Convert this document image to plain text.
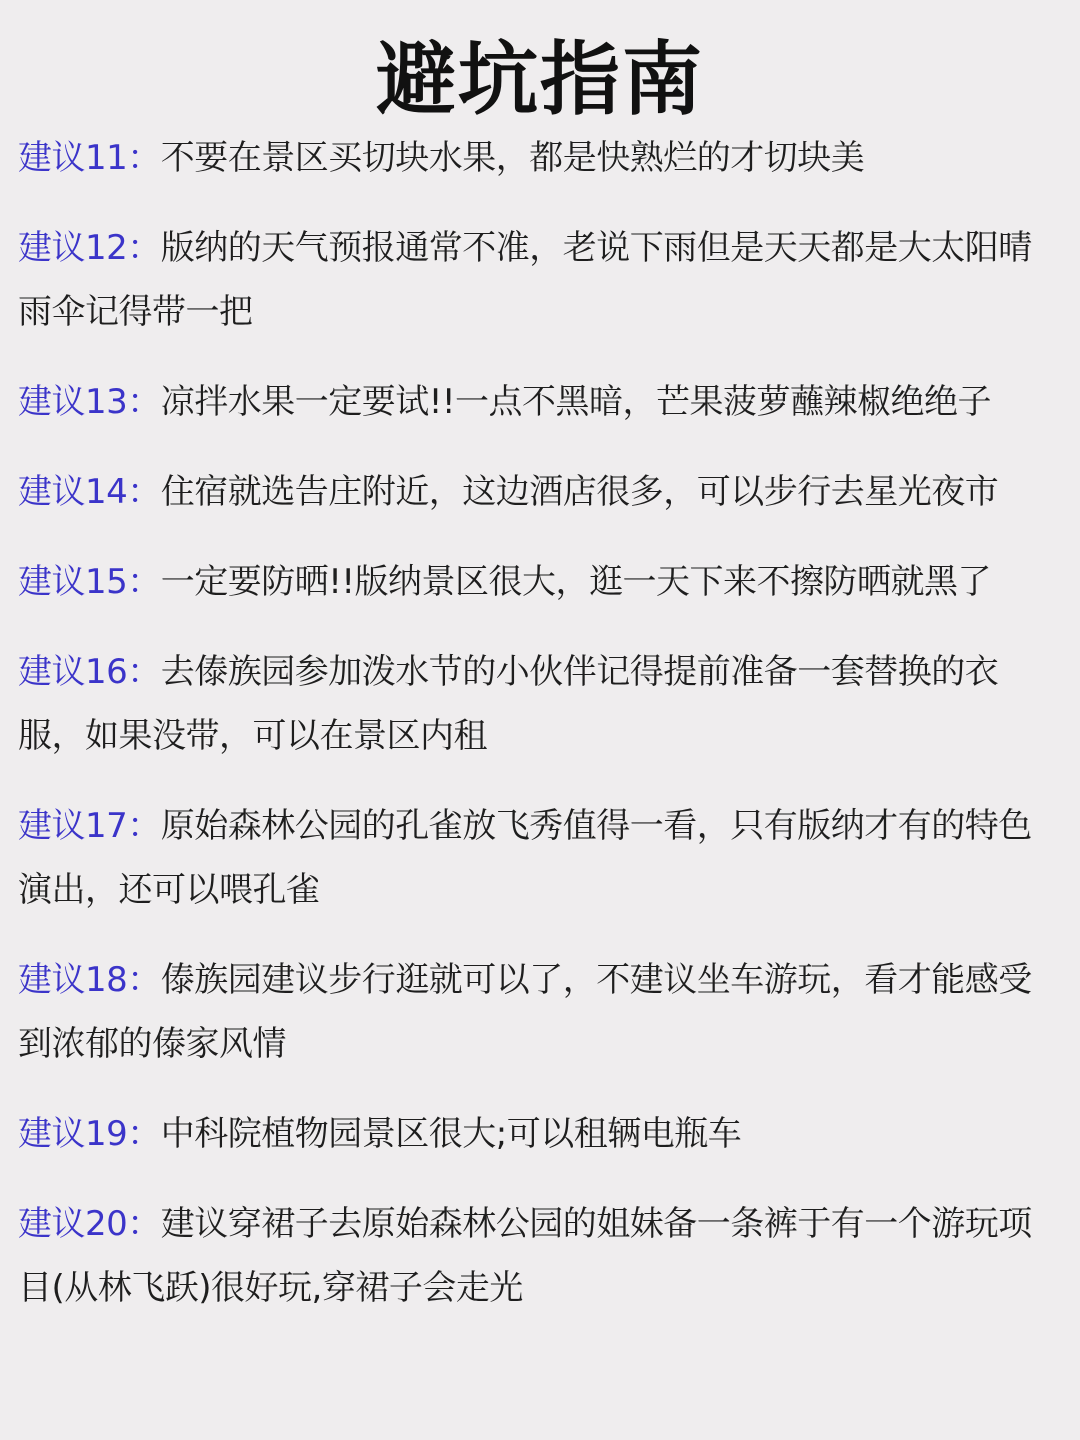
避坑指南
建议11：不要在景区买切块水果，都是快熟烂的才切块美
建议12：版纳的天气预报通常不准，老说下雨但是天天都是大太阳晴雨伞记得带一把
建议13：凉拌水果一定要试!!一点不黑暗，芒果菠萝蘸辣椒绝绝子
建议14：住宿就选告庄附近，这边酒店很多，可以步行去星光夜市
建议15：一定要防晒!!版纳景区很大，逛一天下来不擦防晒就黑了
建议16：去傣族园参加泼水节的小伙伴记得提前准备一套替换的衣服，如果没带，可以在景区内租
建议17：原始森林公园的孔雀放飞秀值得一看，只有版纳才有的特色演出，还可以喂孔雀
建议18：傣族园建议步行逛就可以了，不建议坐车游玩，看才能感受到浓郁的傣家风情
建议19：中科院植物园景区很大;可以租辆电瓶车
建议20：建议穿裙子去原始森林公园的姐妹备一条裤于有一个游玩项目(从林飞跃)很好玩,穿裙子会走光
